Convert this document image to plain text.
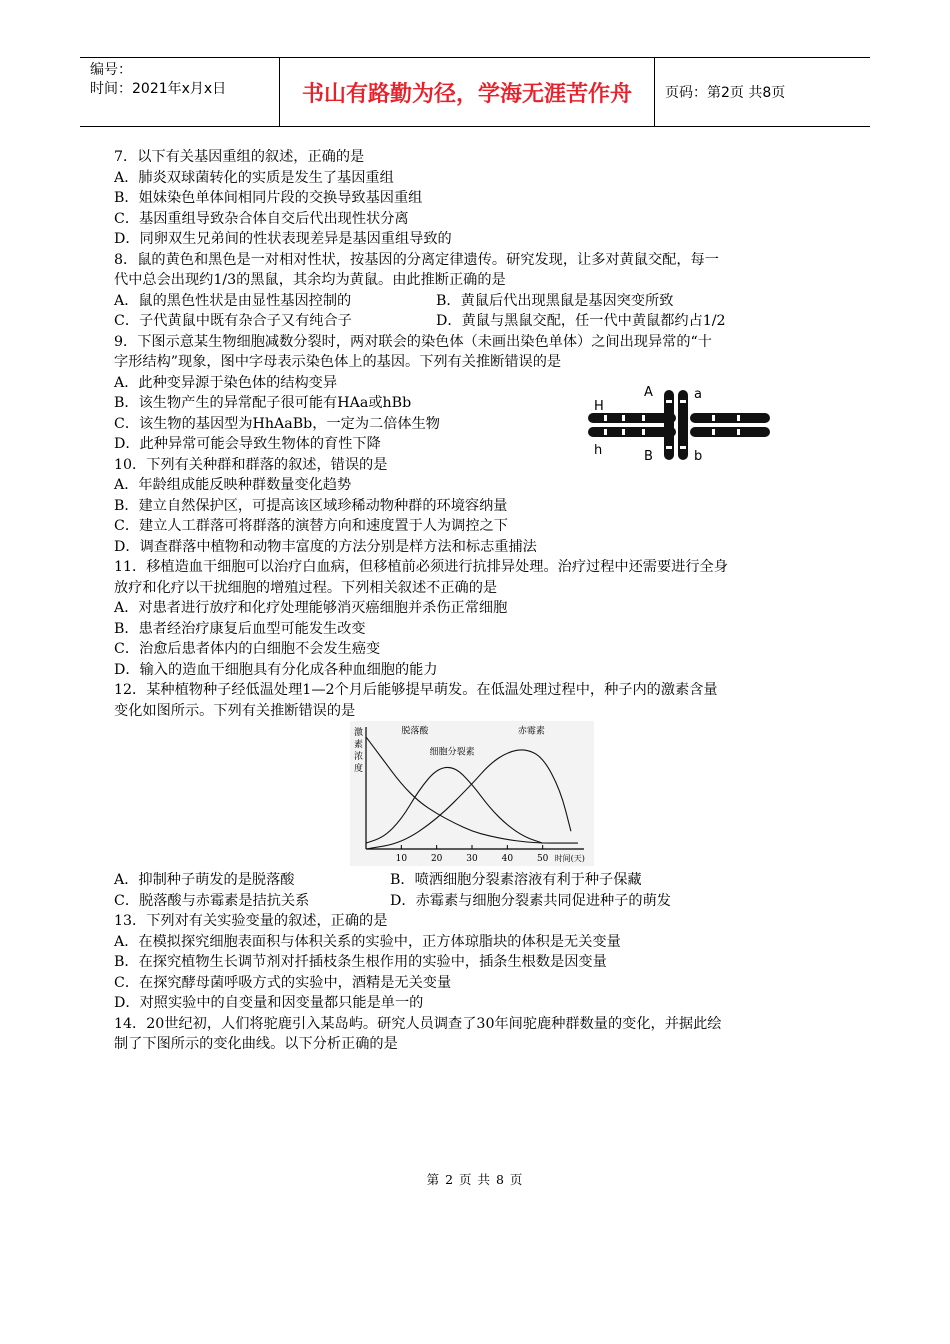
编号：
时间：2021年x月x日	书山有路勤为径，学海无涯苦作舟	页码：第2页 共8页
7．以下有关基因重组的叙述，正确的是
A．肺炎双球菌转化的实质是发生了基因重组
B．姐妹染色单体间相同片段的交换导致基因重组
C．基因重组导致杂合体自交后代出现性状分离
D．同卵双生兄弟间的性状表现差异是基因重组导致的
8．鼠的黄色和黑色是一对相对性状，按基因的分离定律遗传。研究发现，让多对黄鼠交配，每一
代中总会出现约1/3的黑鼠，其余均为黄鼠。由此推断正确的是
A．鼠的黑色性状是由显性基因控制的	B．黄鼠后代出现黑鼠是基因突变所致
C．子代黄鼠中既有杂合子又有纯合子	D．黄鼠与黑鼠交配，任一代中黄鼠都约占1/2
9．下图示意某生物细胞减数分裂时，两对联会的染色体（未画出染色单体）之间出现异常的“十
字形结构”现象，图中字母表示染色体上的基因。下列有关推断错误的是
A．此种变异源于染色体的结构变异
B．该生物产生的异常配子很可能有HAa或hBb
C．该生物的基因型为HhAaBb，一定为二倍体生物
D．此种异常可能会导致生物体的育性下降
10．下列有关种群和群落的叙述，错误的是
A．年龄组成能反映种群数量变化趋势
B．建立自然保护区，可提高该区域珍稀动物种群的环境容纳量
C．建立人工群落可将群落的演替方向和速度置于人为调控之下
D．调查群落中植物和动物丰富度的方法分别是样方法和标志重捕法
11．移植造血干细胞可以治疗白血病，但移植前必须进行抗排异处理。治疗过程中还需要进行全身
放疗和化疗以干扰细胞的增殖过程。下列相关叙述不正确的是
A．对患者进行放疗和化疗处理能够消灭癌细胞并杀伤正常细胞
B．患者经治疗康复后血型可能发生改变
C．治愈后患者体内的白细胞不会发生癌变
D．输入的造血干细胞具有分化成各种血细胞的能力
12．某种植物种子经低温处理1—2个月后能够提早萌发。在低温处理过程中，种子内的激素含量
变化如图所示。下列有关推断错误的是
10	20	30	40	50 时间(天)
激
素
浓
度
脱落酸
细胞分裂素
赤霉素
A．抑制种子萌发的是脱落酸	B．喷洒细胞分裂素溶液有利于种子保藏
C．脱落酸与赤霉素是拮抗关系	D．赤霉素与细胞分裂素共同促进种子的萌发
13．下列对有关实验变量的叙述，正确的是
A．在模拟探究细胞表面积与体积关系的实验中，正方体琼脂块的体积是无关变量
B．在探究植物生长调节剂对扦插枝条生根作用的实验中，插条生根数是因变量
C．在探究酵母菌呼吸方式的实验中，酒精是无关变量
D．对照实验中的自变量和因变量都只能是单一的
14．20世纪初，人们将驼鹿引入某岛屿。研究人员调查了30年间驼鹿种群数量的变化，并据此绘
制了下图所示的变化曲线。以下分析正确的是
H
h
A	a
B	b
第 2 页 共 8 页
